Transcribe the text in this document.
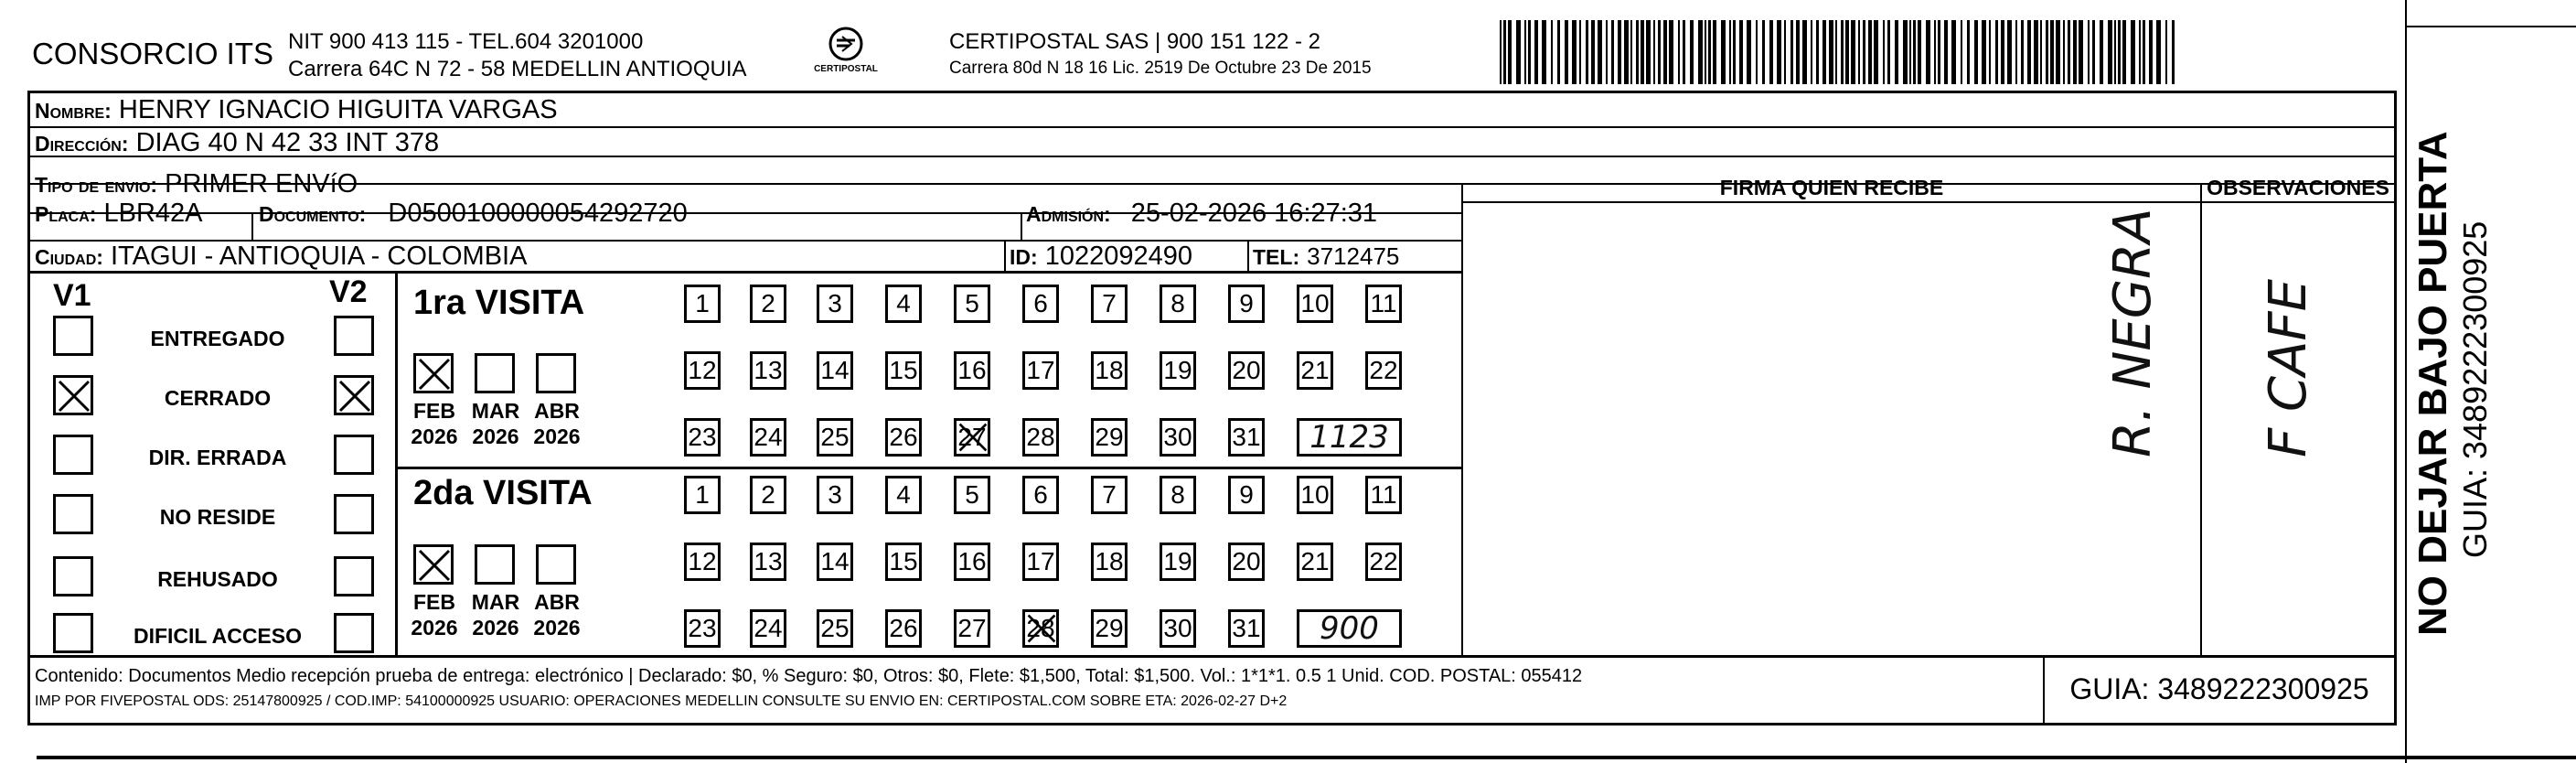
CONSORCIO ITS NIT 900 413 115 - TEL.604 3201000
Carrera 64C N 72 - 58 MEDELLIN ANTIOQUIA	CERTIPOSTAL
CERTIPOSTAL SAS | 900 151 122 - 2
Carrera 80d N 18 16 Lic. 2519 De Octubre 23 De 2015
Nombre: HENRY IGNACIO HIGUITA VARGAS
Dirección: DIAG 40 N 42 33 INT 378
Tipo de envio: PRIMER ENVíO
Placa: LBR42A	Documento: D0500100000054292720	Admisión: 25-02-2026 16:27:31
Ciudad: ITAGUI - ANTIOQUIA - COLOMBIA	ID: 1022092490	TEL: 3712475
FIRMA QUIEN RECIBE	OBSERVACIONES
V1	V2
ENTREGADO
CERRADO
DIR. ERRADA
NO RESIDE
REHUSADO
DIFICIL ACCESO
1ra VISITA
FEB
2026
MAR
2026
ABR
2026
1 2 3 4 5 6 7 8 9 10 11
12 13 14 15 16 17 18 19 20 21 22
23 24 25 26 27 28 29 30 31 1123
2da VISITA
FEB
2026
MAR
2026
ABR
2026
1 2 3 4 5 6 7 8 9 10 11
12 13 14 15 16 17 18 19 20 21 22
23 24 25 26 27 28 29 30 31 900
R. NEGRA F CAFE NO DEJAR BAJO PUERTA GUIA: 3489222300925
Contenido: Documentos Medio recepción prueba de entrega: electrónico | Declarado: $0, % Seguro: $0, Otros: $0, Flete: $1,500, Total: $1,500. Vol.: 1*1*1. 0.5 1 Unid. COD. POSTAL: 055412
IMP POR FIVEPOSTAL ODS: 25147800925 / COD.IMP: 54100000925 USUARIO: OPERACIONES MEDELLIN CONSULTE SU ENVIO EN: CERTIPOSTAL.COM SOBRE ETA: 2026-02-27 D+2	GUIA: 3489222300925
